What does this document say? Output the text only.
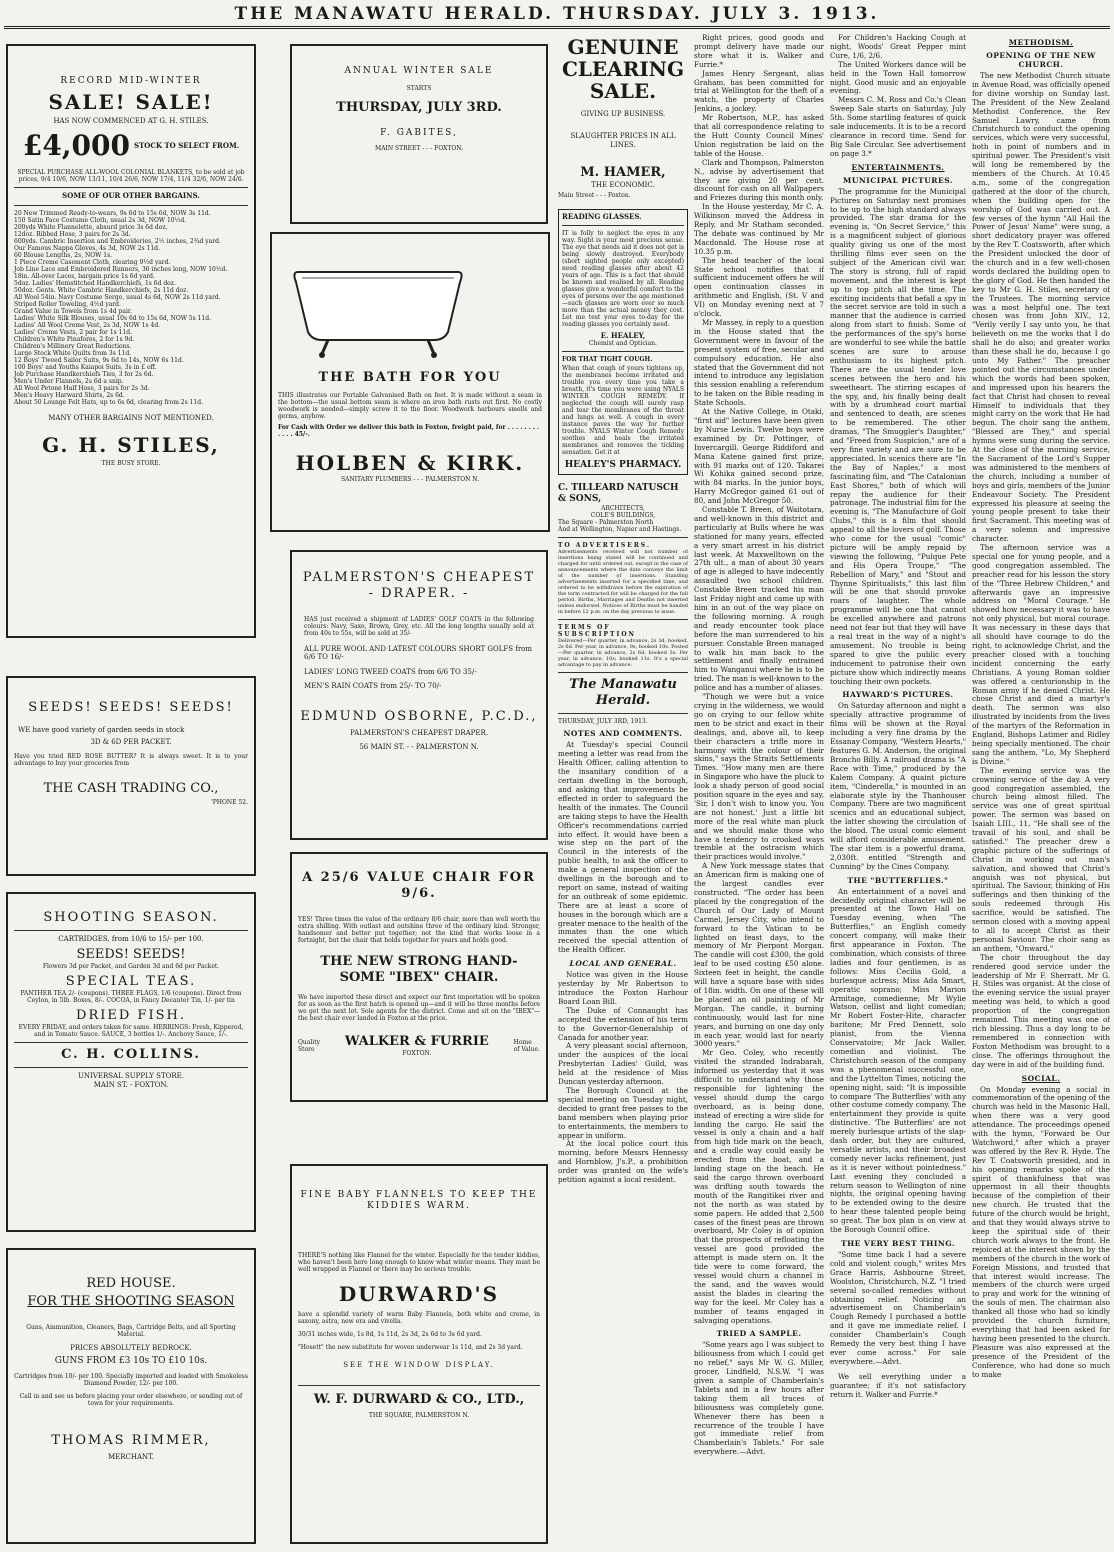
THE MANAWATU HERALD. THURSDAY. JULY 3. 1913.
RECORD MID-WINTER
SALE! SALE!
HAS NOW COMMENCED AT G. H. STILES.
£4,000 STOCK TO SELECT FROM.
SPECIAL PURCHASE ALL-WOOL COLONIAL BLANKETS, to be sold at job prices, 9/4 10/6, NOW 13/11, 10/4 26/6, NOW 17/4, 11/4 32/6, NOW 24/6.
SOME OF OUR OTHER BARGAINS.
20 New Trimmed Ready-to-wears, 9s 6d to 15s 6d, NOW 3s 11d.
150 Satin Face Costume Cloth, usual 2s 3d, NOW 10½d.
200yds White Flannelette, absurd price 3s 6d doz.
12doz. Ribbed Hose, 3 pairs for 2s 3d.
600yds. Cambric Insertion and Embroideries, 2½ inches, 2¾d yard.
Our Famous Nappa Gloves, 4s 3d, NOW 2s 11d.
60 Blouse Lengths, 2s, NOW 1s.
1 Piece Creme Casement Cloth, clearing 9½d yard.
Job Line Lace and Embroidered Runners, 36 inches long, NOW 10½d.
18in. All-over Laces, bargain price 1s 6d yard.
5doz. Ladies' Hemstitched Handkerchiefs, 1s 6d doz.
50doz. Gents. White Cambric Handkerchiefs, 2s 11d doz.
All Wool 54in. Navy Costume Serge, usual 4s 6d, NOW 2s 11d yard.
Striped Roller Toweling, 4½d yard.
Grand Value in Towels from 1s 4d pair.
Ladies' White Silk Blouses, usual 10s 6d to 15s 6d, NOW 5s 11d.
Ladies' All Wool Creme Vest, 2s 3d, NOW 1s 4d.
Ladies' Creme Vests, 2 pair for 1s 11d.
Children's White Pinafores, 2 for 1s 9d.
Children's Millinery Great Reductions.
Large Stock White Quilts from 3s 11d.
12 Boys' Tweed Sailor Suits, 9s 6d to 14s, NOW 6s 11d.
100 Boys' and Youths Kaiapoi Suits, 3s in £ off.
Job Purchase Handkerchiefs Ties, 3 for 2s 6d.
Men's Under Flannels, 2s 6d a snip.
All Wool Petone Half Hose, 3 pairs for 2s 3d.
Men's Heavy Harward Shirts, 2s 6d.
About 50 Lounge Felt Hats, up to 6s 6d, clearing from 2s 11d.
MANY OTHER BARGAINS NOT MENTIONED.
G. H. STILES,
THE BUSY STORE.
SEEDS! SEEDS! SEEDS!
WE have good variety of garden seeds in stock
3D & 6D PER PACKET.
Have you tried RED ROSE BUTTER? It is always sweet. It is to your advantage to buy your groceries from
THE CASH TRADING CO.,
'PHONE 52.
SHOOTING SEASON.
CARTRIDGES, from 10/6 to 15/- per 100.
SEEDS! SEEDS!
Flowers 3d per Packet, and Garden 3d and 6d per Packet.
SPECIAL TEAS.
PANTHER TEA 2/- (coupons). THREE FLAGS, 1/6 (coupons). Direct from Ceylon, in 5lb. Boxes, 8/-. COCOA, in Fancy Decanter Tin, 1/- per tin
DRIED FISH.
EVERY FRIDAY, and orders taken for same. HERRINGS: Fresh, Kippered, and in Tomato Sauce. SAUCE, 3 bottles 1/-. Anchovy Sauce, 1/-.
C. H. COLLINS.
UNIVERSAL SUPPLY STORE.
MAIN ST. - FOXTON.
RED HOUSE.
FOR THE SHOOTING SEASON
Guns, Ammunition, Cleaners, Bags, Cartridge Belts, and all Sporting Material.
PRICES ABSOLUTELY BEDROCK.
GUNS FROM £3 10s TO £10 10s.
Cartridges from 10/- per 100. Specially imported and loaded with Smokeless Diamond Powder, 12/- per 100.
Call in and see us before placing your order elsewhere, or sending out of town for your requirements.
THOMAS RIMMER,
MERCHANT.
ANNUAL WINTER SALE
STARTS
THURSDAY, JULY 3RD.
F. GABITES,
MAIN STREET - - - FOXTON.
THE BATH FOR YOU
THIS illustrates our Portable Galvanised Bath on feet. It is made without a seam in the bottom—the usual bottom seam is where an iron bath rusts out first. No costly woodwork is needed—simply screw it to the floor. Woodwork harbours smells and germs, anyhow.
For Cash with Order we deliver this bath in Foxton, freight paid, for . . . . . . . . . . . . 45/-.
HOLBEN & KIRK.
SANITARY PLUMBERS - - - PALMERSTON N.
PALMERSTON'S CHEAPEST - DRAPER. -
HAS just received a shipment of LADIES' GOLF COATS in the following colours: Navy, Saxe, Brown, Grey, etc. All the long lengths usually sold at from 40s to 55s, will be sold at 35/-
ALL PURE WOOL AND LATEST COLOURS SHORT GOLFS from 6/6 TO 16/-
LADIES' LONG TWEED COATS from 6/6 TO 35/-
MEN'S RAIN COATS from 25/- TO 70/-
EDMUND OSBORNE, P.C.D.,
PALMERSTON'S CHEAPEST DRAPER.
56 MAIN ST. - - PALMERSTON N.
A 25/6 VALUE CHAIR FOR 9/6.
YES! Three times the value of the ordinary 8/6 chair, more than well worth the extra shilling. With outlast and outshine three of the ordinary kind. Stronger, handsomer and better put together; not the kind that works loose in a fortnight, but the chair that holds together for years and holds good.
THE NEW STRONG HAND-SOME "IBEX" CHAIR.
We have imported these direct and expect our first importation will be spoken for as soon as the first batch is opened up—and it will be three months before we get the next lot. Sole agents for the district. Come and sit on the "IBEX"—the best chair ever landed in Foxton at the price.
Quality
Store	WALKER & FURRIE
FOXTON.
Home
of Value.
FINE BABY FLANNELS TO KEEP THE KIDDIES WARM.
THERE'S nothing like Flannel for the winter. Especially for the tender kiddies, who haven't been here long enough to know what winter means. They must be well wrapped in Flannel or there may be serious trouble.
DURWARD'S
have a splendid variety of warm Baby Flannels, both white and creme, in saxony, astra, new era and vivella.
30/31 inches wide, 1s 8d, 1s 11d, 2s 3d, 2s 6d to 3s 6d yard.
"Hosett" the new substitute for woven underwear 1s 11d, and 2s 3d yard.
SEE THE WINDOW DISPLAY.
W. F. DURWARD & CO., LTD.,
THE SQUARE, PALMERSTON N.
GENUINE
CLEARING
SALE.
GIVING UP BUSINESS.
SLAUGHTER PRICES IN ALL LINES.
M. HAMER,
THE ECONOMIC.
Main Street - - - Foxton.
READING GLASSES.
IT is folly to neglect the eyes in any way. Sight is your most precious sense. The eye that needs aid it does not get is being slowly destroyed. Everybody (short sighted people only excepted) need reading glasses after about 42 years of age. This is a fact that should be known and realised by all. Reading glasses give a wonderful comfort to the eyes of persons over the age mentioned—such glasses are worn ever so much more than the actual money they cost. Let me test your eyes to-day for the reading glasses you certainly need.
E. HEALEY,
Chemist and Optician.
FOR THAT TIGHT COUGH.
When that cough of yours tightens up, the membranes become irritated and trouble you every time you take a breath, it's time you were using NYALS WINTER COUGH REMEDY. If neglected the cough will surely rasp and tear the membranes of the throat and lungs as well. A cough in every instance paves the way for further trouble. NYALS Winter Cough Remedy soothes and heals the irritated membranes and removes the tickling sensation. Get it at
HEALEY'S PHARMACY.
C. TILLEARD NATUSCH & SONS,
ARCHITECTS,
COLE'S BUILDINGS,
The Square - Palmerston North
And at Wellington, Napier and Hastings.
TO ADVERTISERS.
Advertisements received will not number of insertions being stated will be continued and charged for until ordered out, except in the case of announcements where the date conveys the limit of the number of insertions. Standing advertisements inserted for a specified time, and ordered to be withdrawn before the expiration of the term contracted for will be charged for the full period. Births, Marriages and Deaths not inserted unless endorsed. Notices of Births must be handed in before 12 p.m. on the day previous to issue.
TERMS OF SUBSCRIPTION
Delivered—Per quarter, in advance, 2s 3d, booked, 2s 6d. Per year, in advance, 9s; booked 10s. Posted—Per quarter, in advance, 2s 6d; booked 3s. Per year, in advance, 10s; booked 11s. It's a special advantage to pay in advance.
The Manawatu Herald.
THURSDAY, JULY 3RD, 1913.
NOTES AND COMMENTS.
At Tuesday's special Council meeting a letter was read from the Health Officer, calling attention to the insanitary condition of a certain dwelling in the borough, and asking that improvements be effected in order to safeguard the health of the inmates. The Council are taking steps to have the Health Officer's recommendations carried into effect. It would have been a wise step on the part of the Council in the interests of the public health, to ask the officer to make a general inspection of the dwellings in the borough and to report on same, instead of waiting for an outbreak of some epidemic. There are at least a score of houses in the borough which are a greater menace to the health of the inmates than the one which received the special attention of the Health Officer.
LOCAL AND GENERAL.
Notice was given in the House yesterday by Mr Robertson to introduce the Foxton Harbour Board Loan Bill.
The Duke of Connaught has accepted the extension of his term to the Governor-Generalship of Canada for another year.
A very pleasant social afternoon, under the auspices of the local Presbyterian Ladies' Guild, was held at the residence of Miss Duncan yesterday afternoon.
The Borough Council at the special meeting on Tuesday night, decided to grant free passes to the band members when playing prior to entertainments, the members to appear in uniform.
At the local police court this morning, before Messrs Hennessy and Hornblow, J's.P., a prohibition order was granted on the wife's petition against a local resident.
Right prices, good goods and prompt delivery have made our store what it is. Walker and Furrie.*
James Henry Sergeant, alias Graham, has been committed for trial at Wellington for the theft of a watch, the property of Charles Jenkins, a jockey.
Mr Robertson, M.P., has asked that all correspondence relating to the Hutt County Council Mines' Union registration be laid on the table of the House.
Clark and Thompson, Palmerston N., advise by advertisement that they are giving 20 per cent. discount for cash on all Wallpapers and Friezes during this month only.
In the House yesterday, Mr C. A. Wilkinson moved the Address in Reply, and Mr Statham seconded. The debate was continued by Mr Macdonald. The House rose at 10.35 p.m.
The head teacher of the local State school notifies that if sufficient inducement offers he will open continuation classes in arithmetic and English, (St. V and VI) on Monday evening next at 7 o'clock.
Mr Massey, in reply to a question in the House stated that the Government were in favour of the present system of free, secular and compulsory education. He also stated that the Government did not intend to introduce any legislation this session enabling a referendum to be taken on the Bible reading in State Schools.
At the Native College, in Otaki, "first aid" lectures have been given by Nurse Lewis. Twelve boys were examined by Dr. Pottinger, of Invercargill. George Riddiford and Mana Katene gained first prize, with 91 marks out of 120. Takarei Wi Kohika gained second prize, with 84 marks. In the junior boys, Harry McGregor gained 61 out of 80, and John McGregor 50.
Constable T. Breen, of Waitotara, and well-known in this district and particularly at Bulls where he was stationed for many years, effected a very smart arrest in his district last week. At Maxwelltown on the 27th ult., a man of about 30 years of age is alleged to have indecently assaulted two school children. Constable Breen tracked his man last Friday night and came up with him in an out of the way place on the following morning. A rough and ready encounter took place before the man surrendered to his pursuer. Constable Breen managed to walk his man back to the settlement and finally entrained him to Wanganui where he is to be tried. The man is well-known to the police and has a number of aliases.
"Though we were but a voice crying in the wilderness, we would go on crying to our fellow white men to be strict and exact in their dealings, and, above all, to keep their characters a trifle more in harmony with the colour of their skins," says the Straits Settlements Times. "How many men are there in Singapore who have the pluck to look a shady person of good social position square in the eyes and say, 'Sir, I don't wish to know you. You are not honest.' Just a little bit more of the real white man pluck and we should make those who have a tendency to crooked ways tremble at the ostracism which their practices would involve."
A New York message states that an American firm is making one of the largest candles ever constructed. "The order has been placed by the congregation of the Church of Our Lady of Mount Carmel, Jersey City, who intend to forward to the Vatican to be lighted on feast days, to the memory of Mr Pierpont Morgan. The candle will cost £300, the gold leaf to be used costing £50 alone. Sixteen feet in height, the candle will have a square base with sides of 18in. width. On one of these will be placed an oil painting of Mr Morgan. The candle, it burning continuously, would last for nine years, and burning on one day only in each year, would last for nearly 3000 years."
Mr Geo. Coley, who recently visited the stranded Indrabarah, informed us yesterday that it was difficult to understand why those responsible for lightening the vessel should dump the cargo overboard, as is being done, instead of erecting a wire slide for landing the cargo. He said the vessel is only a chain and a half from high tide mark on the beach, and a cradle way could easily be erected from the boat, and a landing stage on the beach. He said the cargo thrown overboard was drifting south towards the mouth of the Rangitikei river and not the north as was stated by some papers. He added that 2,500 cases of the finest peas are thrown overboard, Mr Coley is of opinion that the prospects of refloating the vessel are good provided the attempt is made stern on. It the tide were to come forward, the vessel would churn a channel in the sand, and the waves would assist the blades in clearing the way for the keel. Mr Coley has a number of teams engaged in salvaging operations.
TRIED A SAMPLE.
"Some years ago I was subject to biliousness from which I could get no relief," says Mr W. G. Miller, grocer, Lindfield, N.S.W. "I was given a sample of Chamberlain's Tablets and in a few hours after taking them all traces of biliousness was completely gone. Whenever there has been a recurrence of the trouble I have got immediate relief from Chamberlain's Tablets." For sale everywhere.—Advt.
For Children's Hacking Cough at night, Woods' Great Pepper mint Cure, 1/6, 2/6.
The United Workers dance will be held in the Town Hall tomorrow night. Good music and an enjoyable evening.
Messrs C. M. Ross and Co.'s Clean Sweep Sale starts on Saturday, July 5th. Some startling features of quick sale inducements. It is to be a record clearance in record time. Send for Big Sale Circular. See advertisement on page 3.*
ENTERTAINMENTS.
MUNICIPAL PICTURES.
The programme for the Municipal Pictures on Saturday next promises to be up to the high standard always provided. The star drama for the evening is, "On Secret Service," this is a magnificent subject of glorious quality giving us one of the most thrilling films ever seen on the subject of the American civil war. The story is strong, full of rapid movement, and the interest is kept up to top pitch all the time. The exciting incidents that befall a spy in the secret service are told in such a manner that the audience is carried along from start to finish. Some of the performances of the spy's horse are wonderful to see while the battle scenes are sure to arouse enthusiasm to its highest pitch. There are the usual tender love scenes between the hero and his sweetheart. The stirring escapes of the spy, and, his finally being dealt with by a drumhead court martial and sentenced to death, are scenes to be remembered. The other dramas, "The Smuggler's Daughter," and "Freed from Suspicion," are of a very fine variety and are sure to be appreciated. In scenics there are "In the Bay of Naples," a most fascinating film, and "The Catalonian East Shores," both of which will repay the audience for their patronage. The industrial film for the evening is, "The Manufacture of Golf Clubs," this is a film that should appeal to all the lovers of golf. Those who come for the usual "comic" picture will be amply repaid by viewing the following, "Pulque Pete and His Opera Troupe," "The Rebellion of Mary," and "Stout and Thynne Spiritualists," this last film will be one that should provoke roars of laughter. The whole programme will be one that cannot be excelled anywhere and patrons need not fear but that they will have a real treat in the way of a night's amusement. No trouble is being spared to give the public every inducement to patronise their own picture show which indirectly means touching their own pockets.
HAYWARD'S PICTURES.
On Saturday afternoon and night a specially attractive programme of films will be shown at the Royal including a very fine drama by the Essanay Company, "Western Hearts," features G. M. Anderson, the original Broncho Billy. A railroad drama is "A Race with Time," produced by the Kalem Company. A quaint picture item, "Cinderella," is mounted in an elaborate style by the Thanhouser Company. There are two magnificent scenics and an educational subject, the latter showing the circulation of the blood. The usual comic element will afford considerable amusement. The star item is a powerful drama, 2,030ft. entitled "Strength and Cunning" by the Cines Company.
THE "BUTTERFLIES."
An entertainment of a novel and decidedly original character will be presented at the Town Hall on Tuesday evening, when "The Butterflies," an English comedy concert company, will make their first appearance in Foxton. The combination, which consists of three ladies and four gentlemen, is as follows: Miss Cecilia Gold, a burlesque actress; Miss Ada Smart, operatic soprano; Miss Marion Armitage, comedienne; Mr Wylie Watson, cellist and light comedian; Mr Robert Foster-Hite, character baritone; Mr Fred Dennett, solo pianist, from the Vienna Conservatoire; Mr Jack Waller, comedian and violinist. The Christchurch season of the company was a phenomenal successful one, and the Lyttelton Times, noticing the opening night, said: "It is impossible to compare 'The Butterflies' with any other costume comedy company. The entertainment they provide is quite distinctive. 'The Butterflies' are not merely burlesque artists of the slap-dash order, but they are cultured, versatile artists, and their broadest comedy never lacks refinement, just as it is never without pointedness." Last evening they concluded a return season to Wellington of nine nights, the original opening having to be extended owing to the desire to hear these talented people being so great. The box plan is on view at the Borough Council office.
THE VERY BEST THING.
"Some time back I had a severe cold and violent cough," writes Mrs Grace Harris, Ashbourne Street, Woolston, Christchurch, N.Z. "I tried several so-called remedies without obtaining relief. Noticing an advertisement on Chamberlain's Cough Remedy I purchased a bottle and it gave me immediate relief. I consider Chamberlain's Cough Remedy the very best thing I have ever come across." For sale everywhere.—Advt.
We sell everything under a guarantee; if it's not satisfactory return it. Walker and Furrie.*
METHODISM.
OPENING OF THE NEW CHURCH.
The new Methodist Church situate in Avenue Road, was officially opened for divine worship on Sunday last. The President of the New Zealand Methodist Conference, the Rev Samuel Lawry, came from Christchurch to conduct the opening services, which were very successful, both in point of numbers and in spiritual power. The President's visit will long be remembered by the members of the Church. At 10.45 a.m., some of the congregation gathered at the door of the church, when the building open for the worship of God was carried out. A few verses of the hymn "All Hail the Power of Jesus' Name" were sung, a short dedicatory prayer was offered by the Rev T. Coatsworth, after which the President unlocked the door of the church and in a few well-chosen words declared the building open to the glory of God. He then handed the key to Mr G. H. Stiles, secretary of the Trustees. The morning service was a most helpful one. The text chosen was from John XIV., 12, "Verily verily I say unto you, he that believeth on me the works that I do shall he do also; and greater works than these shall he do, because I go unto My Father." The preacher pointed out the circumstances under which the words had been spoken, and impressed upon his hearers the fact that Christ had chosen to reveal Himself to individuals that they might carry on the work that He had begun. The choir sang the anthem, "Blessed are They," and special hymns were sung during the service. At the close of the morning service, the Sacrament of the Lord's Supper was administered to the members of the church, including a number of boys and girls, members of the Junior Endeavour Society. The President expressed his pleasure at seeing the young people present to take their first Sacrament. This meeting was of a very solemn and impressive character.
The afternoon service was a special one for young people, and a good congregation assembled. The preacher read for his lesson the story of the "Three Hebrew Children," and afterwards gave an impressive address on "Moral Courage." He showed how necessary it was to have not only physical, but moral courage. It was necessary in these days that all should have courage to do the right, to acknowledge Christ, and the preacher closed with a touching incident concerning the early Christians. A young Roman soldier was offered a centurionship in the Roman army if he denied Christ. He chose Christ and died a martyr's death. The sermon was also illustrated by incidents from the lives of the martyrs of the Reformation in England, Bishops Latimer and Ridley being specially mentioned. The choir sang the anthem, "Lo, My Shepherd is Divine."
The evening service was the crowning service of the day. A very good congregation assembled, the church being almost filled. The service was one of great spiritual power. The sermon was based on Isaiah LIII., 11, "He shall see of the travail of his soul, and shall be satisfied." The preacher drew a graphic picture of the sufferings of Christ in working out man's salvation, and showed that Christ's anguish was not physical, but spiritual. The Saviour, thinking of His sufferings and then thinking of the souls redeemed through His sacrifice, would be satisfied. The sermon closed with a moving appeal to all to accept Christ as their personal Saviour. The choir sang as an anthem, "Onward."
The choir throughout the day rendered good service under the leadership of Mr F. Sherratt. Mr G. H. Stiles was organist. At the close of the evening service the usual prayer meeting was held, to which a good proportion of the congregation remained. This meeting was one of rich blessing. Thus a day long to be remembered in connection with Foxton Methodism was brought to a close. The offerings throughout the day were in aid of the building fund.
SOCIAL.
On Monday evening a social in commemoration of the opening of the church was held in the Masonic Hall, when there was a very good attendance. The proceedings opened with the hymn, "Forward be Our Watchword," after which a prayer was offered by the Rev R. Hyde. The Rev T. Coatsworth presided, and in his opening remarks spoke of the spirit of thankfulness that was uppermost in all their thoughts because of the completion of their new church. He trusted that the future of the church would be bright, and that they would always strive to keep the spiritual side of their church work always to the front. He rejoiced at the interest shown by the members of the church in the work of Foreign Missions, and trusted that that interest would increase. The members of the church were urged to pray and work for the winning of the souls of men. The chairman also thanked all those who had so kindly provided the church furniture, everything that had been asked for having been presented to the church. Pleasure was also expressed at the presence of the President of the Conference, who had done so much to make
